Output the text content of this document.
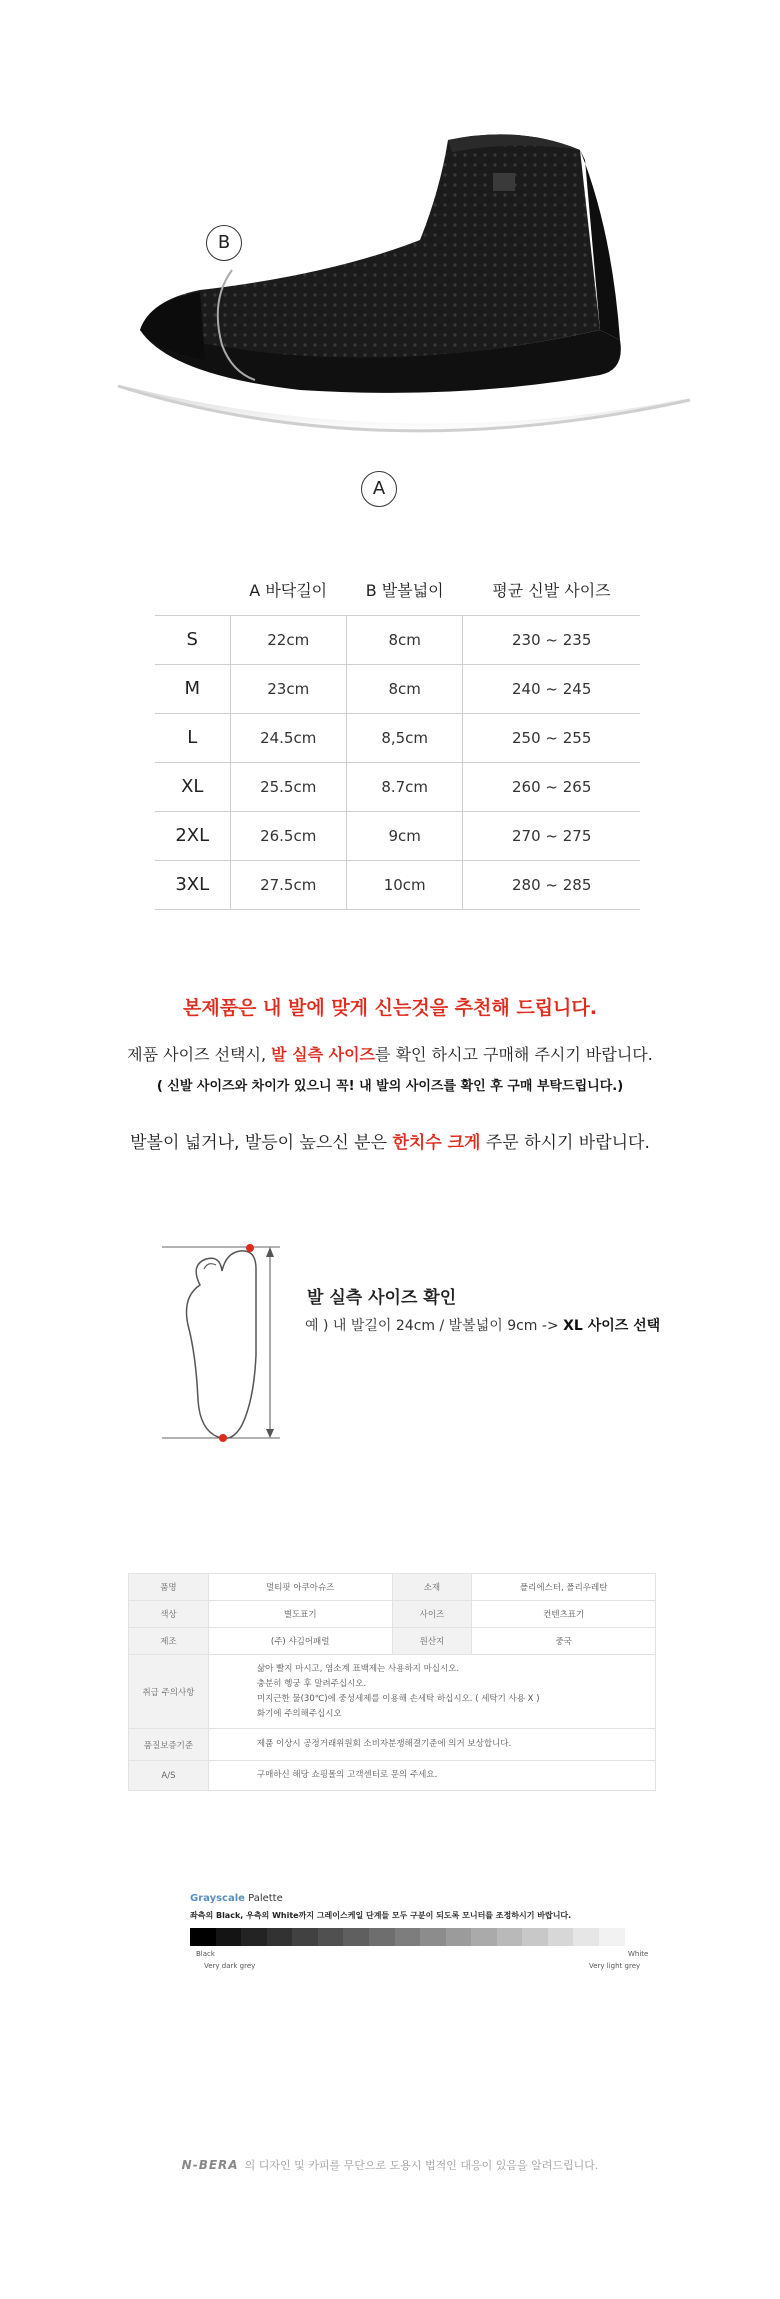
B
A
	A 바닥길이	B 발볼넓이	평균 신발 사이즈
S	22cm	8cm	230 ~ 235
M	23cm	8cm	240 ~ 245
L	24.5cm	8,5cm	250 ~ 255
XL	25.5cm	8.7cm	260 ~ 265
2XL	26.5cm	9cm	270 ~ 275
3XL	27.5cm	10cm	280 ~ 285
본제품은 내 발에 맞게 신는것을 추천해 드립니다.
제품 사이즈 선택시, 발 실측 사이즈를 확인 하시고 구매해 주시기 바랍니다.
( 신발 사이즈와 차이가 있으니 꼭! 내 발의 사이즈를 확인 후 구매 부탁드립니다.)
발볼이 넓거나, 발등이 높으신 분은 한치수 크게 주문 하시기 바랍니다.
발 실측 사이즈 확인
예 ) 내 발길이 24cm / 발볼넓이 9cm -> XL 사이즈 선택
품명	멀티핏 아쿠아슈즈	소재	폴리에스터, 폴리우레탄
색상	별도표기	사이즈	컨텐츠표기
제조	(주) 샤김어패럴	원산지	중국
취급 주의사항	삶아 빨지 마시고, 염소계 표백제는 사용하지 마십시오.
충분히 헹궁 후 말려주십시오.
미지근한 물(30℃)에 중성세제를 이용해 손세탁 하십시오. ( 세탁기 사용 X )
화기에 주의해주십시오		

품질보증기준	제품 이상시 공정거래위원회 소비자분쟁해결기준에 의거 보상합니다.		
A/S	구매하신 해당 쇼핑몰의 고객센터로 문의 주세요.		
Grayscale Palette
좌측의 Black, 우측의 White까지 그레이스케일 단계들 모두 구분이 되도록 모니터를 조정하시기 바랍니다.
Black
Very dark grey
White
Very light grey
N-BERA 의 디자인 및 카피를 무단으로 도용시 법적인 대응이 있음을 알려드립니다.
